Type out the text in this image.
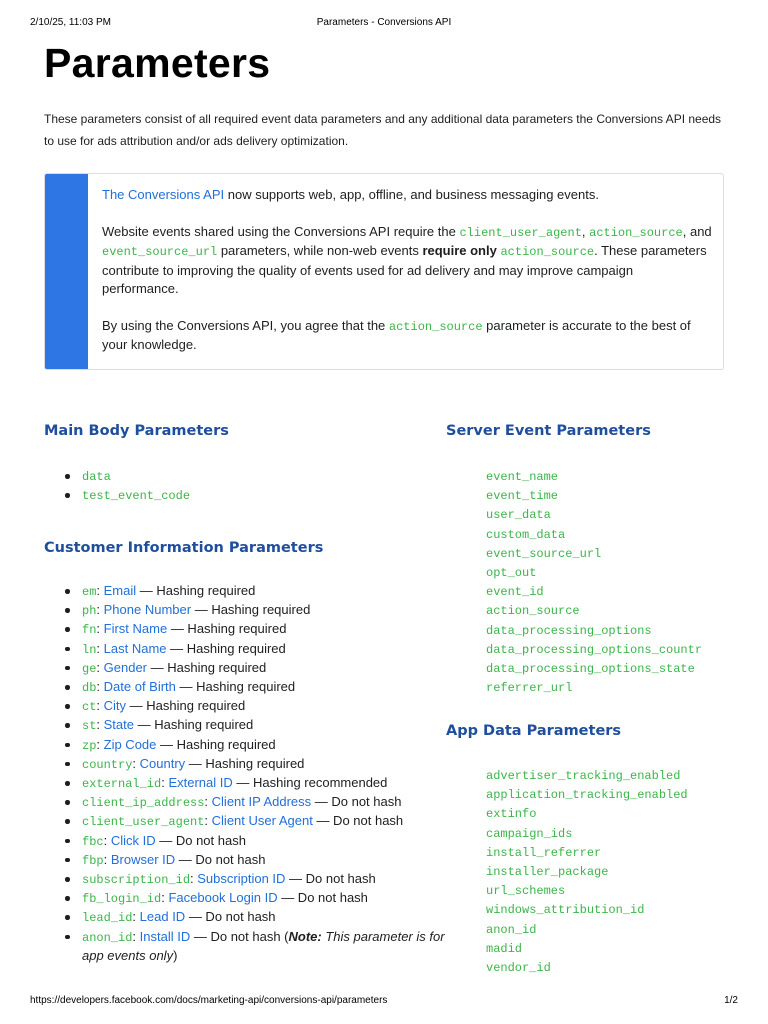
2/10/25, 11:03 PM	Parameters - Conversions API
Parameters

These parameters consist of all required event data parameters and any additional data parameters the Conversions API needs to use for ads attribution and/or ads delivery optimization.

The Conversions API now supports web, app, offline, and business messaging events.

Website events shared using the Conversions API require the client_user_agent, action_source, and event_source_url parameters, while non-web events require only action_source. These parameters contribute to improving the quality of events used for ad delivery and may improve campaign performance.

By using the Conversions API, you agree that the action_source parameter is accurate to the best of your knowledge.

Main Body Parameters
data
test_event_code
Customer Information Parameters
em: Email — Hashing required
ph: Phone Number — Hashing required
fn: First Name — Hashing required
ln: Last Name — Hashing required
ge: Gender — Hashing required
db: Date of Birth — Hashing required
ct: City — Hashing required
st: State — Hashing required
zp: Zip Code — Hashing required
country: Country — Hashing required
external_id: External ID — Hashing recommended
client_ip_address: Client IP Address — Do not hash
client_user_agent: Client User Agent — Do not hash
fbc: Click ID — Do not hash
fbp: Browser ID — Do not hash
subscription_id: Subscription ID — Do not hash
fb_login_id: Facebook Login ID — Do not hash
lead_id: Lead ID — Do not hash
anon_id: Install ID — Do not hash (Note: This parameter is for app events only)
Server Event Parameters
event_name
event_time
user_data
custom_data
event_source_url
opt_out
event_id
action_source
data_processing_options
data_processing_options_countr
data_processing_options_state
referrer_url
App Data Parameters
advertiser_tracking_enabled
application_tracking_enabled
extinfo
campaign_ids
install_referrer
installer_package
url_schemes
windows_attribution_id
anon_id
madid
vendor_id
https://developers.facebook.com/docs/marketing-api/conversions-api/parameters	1/2
